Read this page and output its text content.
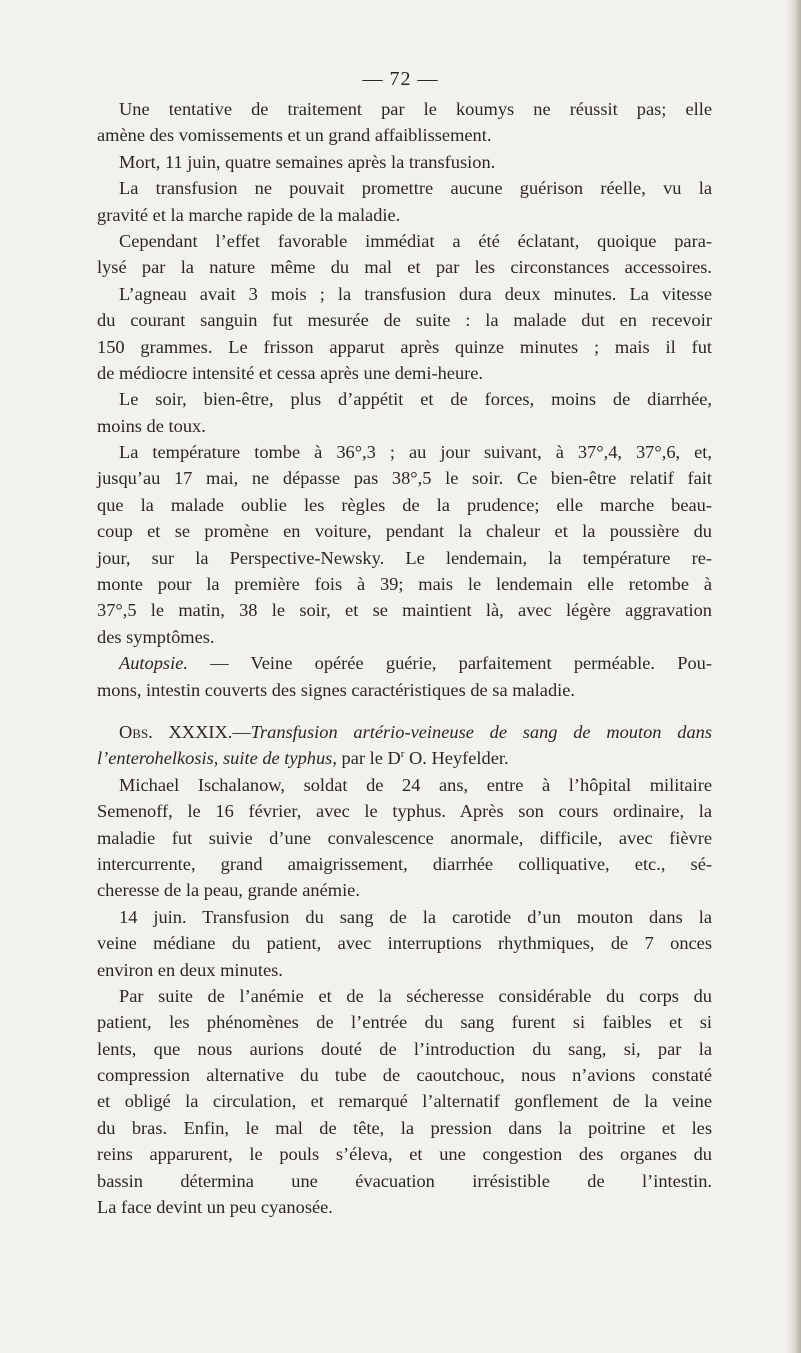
— 72 —
Une tentative de traitement par le koumys ne réussit pas; elle
amène des vomissements et un grand affaiblissement.
Mort, 11 juin, quatre semaines après la transfusion.
La transfusion ne pouvait promettre aucune guérison réelle, vu la
gravité et la marche rapide de la maladie.
Cependant l’effet favorable immédiat a été éclatant, quoique para-
lysé par la nature même du mal et par les circonstances accessoires.
L’agneau avait 3 mois ; la transfusion dura deux minutes. La vitesse
du courant sanguin fut mesurée de suite : la malade dut en recevoir
150 grammes. Le frisson apparut après quinze minutes ; mais il fut
de médiocre intensité et cessa après une demi-heure.
Le soir, bien-être, plus d’appétit et de forces, moins de diarrhée,
moins de toux.
La température tombe à 36°,3 ; au jour suivant, à 37°,4, 37°,6, et,
jusqu’au 17 mai, ne dépasse pas 38°,5 le soir. Ce bien-être relatif fait
que la malade oublie les règles de la prudence; elle marche beau-
coup et se promène en voiture, pendant la chaleur et la poussière du
jour, sur la Perspective-Newsky. Le lendemain, la température re-
monte pour la première fois à 39; mais le lendemain elle retombe à
37°,5 le matin, 38 le soir, et se maintient là, avec légère aggravation
des symptômes.
Autopsie. — Veine opérée guérie, parfaitement perméable. Pou-
mons, intestin couverts des signes caractéristiques de sa maladie.
Obs. XXXIX.—Transfusion artério-veineuse de sang de mouton dans
l’enterohelkosis, suite de typhus, par le $D^r$ O. Heyfelder.
Michael Ischalanow, soldat de 24 ans, entre à l’hôpital militaire
Semenoff, le 16 février, avec le typhus. Après son cours ordinaire, la
maladie fut suivie d’une convalescence anormale, difficile, avec fièvre
intercurrente, grand amaigrissement, diarrhée colliquative, etc., sé-
cheresse de la peau, grande anémie.
14 juin. Transfusion du sang de la carotide d’un mouton dans la
veine médiane du patient, avec interruptions rhythmiques, de 7 onces
environ en deux minutes.
Par suite de l’anémie et de la sécheresse considérable du corps du
patient, les phénomènes de l’entrée du sang furent si faibles et si
lents, que nous aurions douté de l’introduction du sang, si, par la
compression alternative du tube de caoutchouc, nous n’avions constaté
et obligé la circulation, et remarqué l’alternatif gonflement de la veine
du bras. Enfin, le mal de tête, la pression dans la poitrine et les
reins apparurent, le pouls s’éleva, et une congestion des organes du
bassin détermina une évacuation irrésistible de l’intestin.
La face devint un peu cyanosée.
